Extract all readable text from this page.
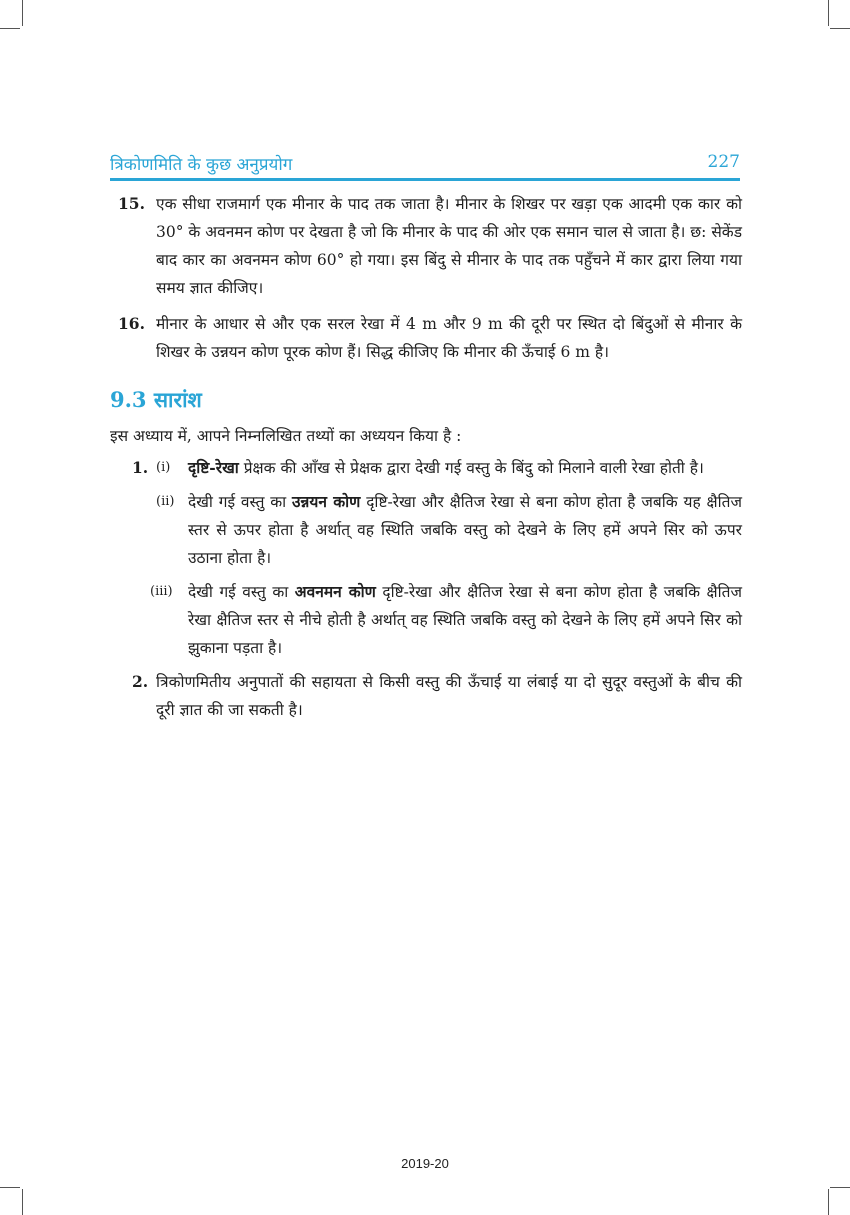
त्रिकोणमिति के कुछ अनुप्रयोग	227
15. एक सीधा राजमार्ग एक मीनार के पाद तक जाता है। मीनार के शिखर पर खड़ा एक आदमी एक कार को 30° के अवनमन कोण पर देखता है जो कि मीनार के पाद की ओर एक समान चाल से जाता है। छ: सेकेंड बाद कार का अवनमन कोण 60° हो गया। इस बिंदु से मीनार के पाद तक पहुँचने में कार द्वारा लिया गया समय ज्ञात कीजिए।
16. मीनार के आधार से और एक सरल रेखा में 4 m और 9 m की दूरी पर स्थित दो बिंदुओं से मीनार के शिखर के उन्नयन कोण पूरक कोण हैं। सिद्ध कीजिए कि मीनार की ऊँचाई 6 m है।
9.3 सारांश
इस अध्याय में, आपने निम्नलिखित तथ्यों का अध्ययन किया है :
1. (i) दृष्टि-रेखा प्रेक्षक की आँख से प्रेक्षक द्वारा देखी गई वस्तु के बिंदु को मिलाने वाली रेखा होती है।
(ii) देखी गई वस्तु का उन्नयन कोण दृष्टि-रेखा और क्षैतिज रेखा से बना कोण होता है जबकि यह क्षैतिज स्तर से ऊपर होता है अर्थात् वह स्थिति जबकि वस्तु को देखने के लिए हमें अपने सिर को ऊपर उठाना होता है।
(iii) देखी गई वस्तु का अवनमन कोण दृष्टि-रेखा और क्षैतिज रेखा से बना कोण होता है जबकि क्षैतिज रेखा क्षैतिज स्तर से नीचे होती है अर्थात् वह स्थिति जबकि वस्तु को देखने के लिए हमें अपने सिर को झुकाना पड़ता है।
2. त्रिकोणमितीय अनुपातों की सहायता से किसी वस्तु की ऊँचाई या लंबाई या दो सुदूर वस्तुओं के बीच की दूरी ज्ञात की जा सकती है।
2019-20
